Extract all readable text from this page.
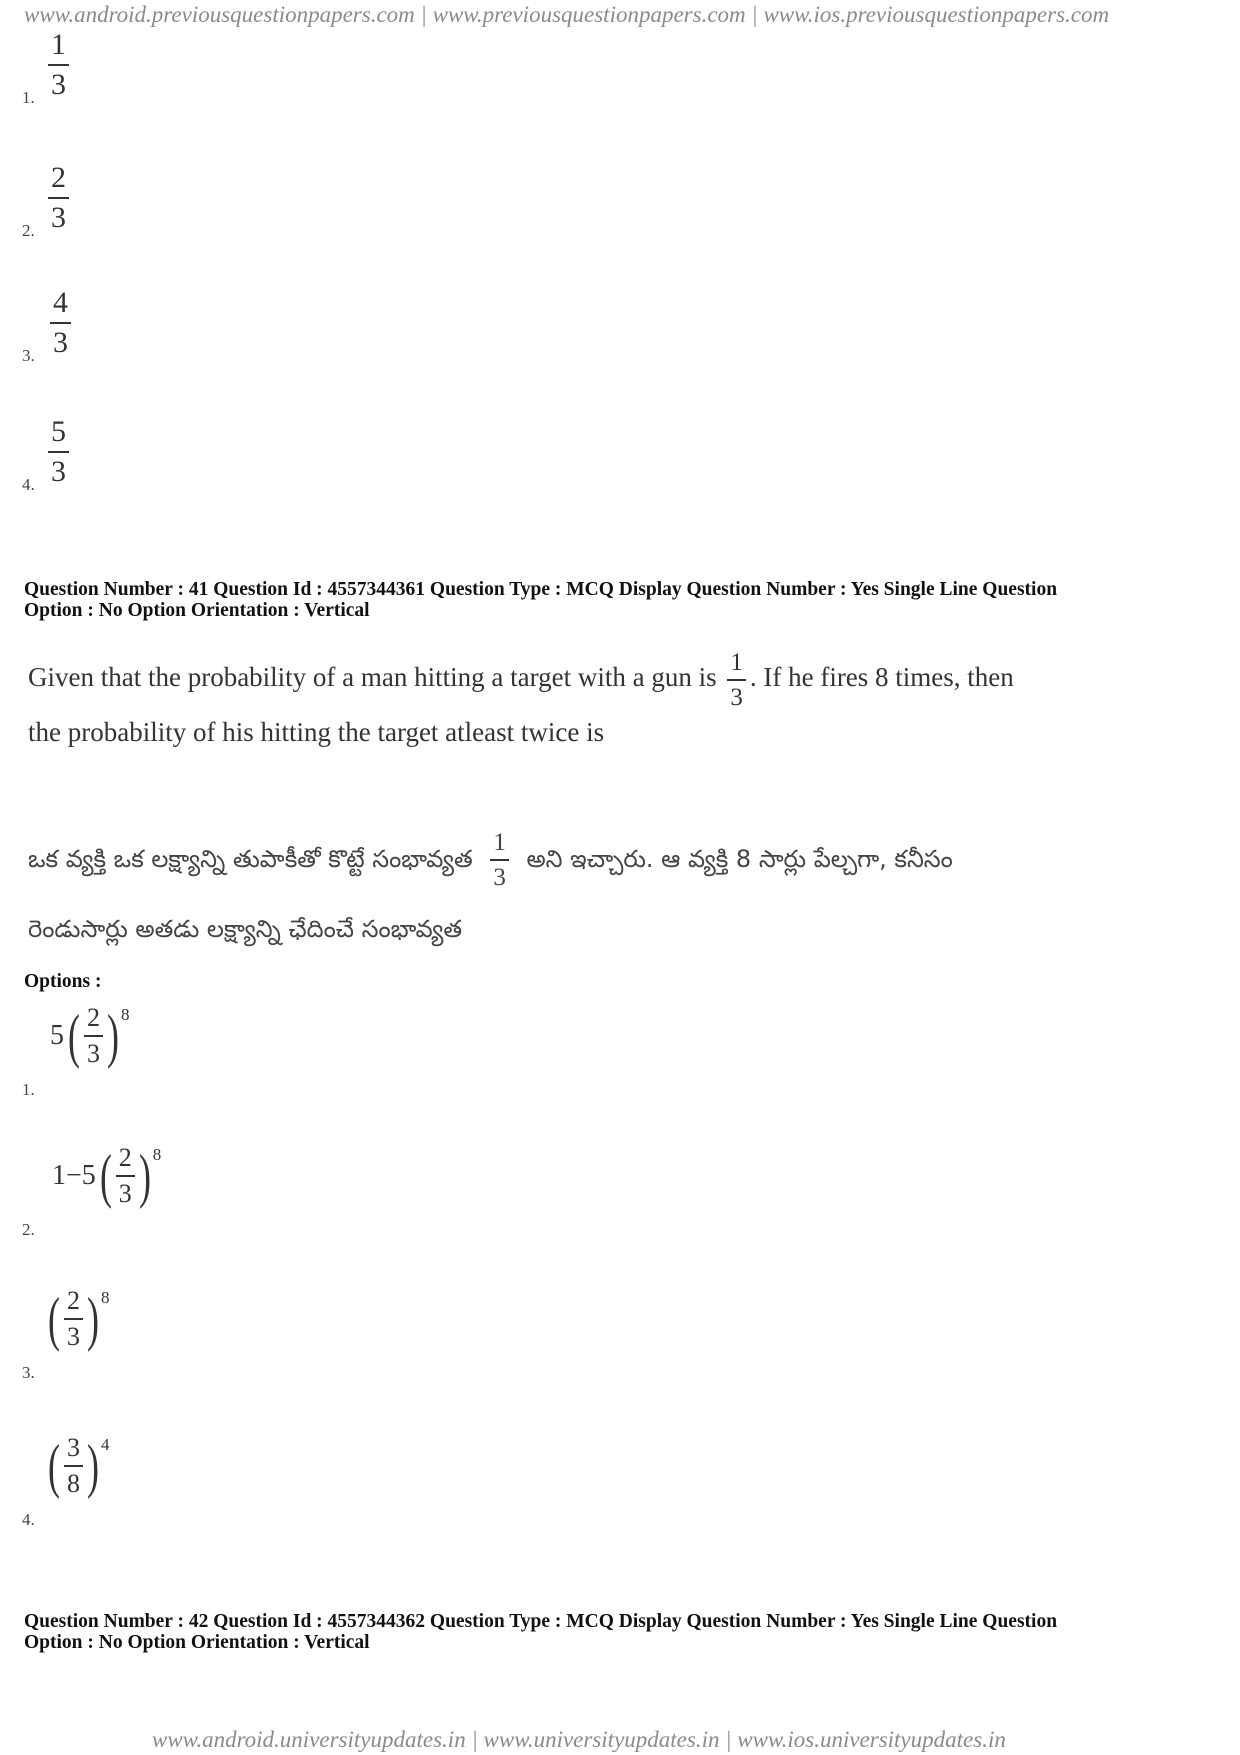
www.android.previousquestionpapers.com | www.previousquestionpapers.com | www.ios.previousquestionpapers.com
1. $\frac{1}{3}$
2. $\frac{2}{3}$
3. $\frac{4}{3}$
4. $\frac{5}{3}$
Question Number : 41 Question Id : 4557344361 Question Type : MCQ Display Question Number : Yes Single Line Question
Option : No Option Orientation : Vertical
Given that the probability of a man hitting a target with a gun is $\frac{1}{3}$ . If he fires 8 times, then
the probability of his hitting the target atleast twice is
ఒక వ్యక్తి ఒక లక్ష్యాన్ని తుపాకీతో కొట్టే సంభావ్యత $\frac{1}{3}$ అని ఇచ్చారు. ఆ వ్యక్తి 8 సార్లు పేల్చగా, కనీసం
రెండుసార్లు అతడు లక్ష్యాన్ని ఛేదించే సంభావ్యత
Options :
1.
5 ( $\frac{2}{3}$ ) 8
2.
1−5 ( $\frac{2}{3}$ ) 8
3.
( $\frac{2}{3}$ ) 8
4.
( $\frac{3}{8}$ ) 4
Question Number : 42 Question Id : 4557344362 Question Type : MCQ Display Question Number : Yes Single Line Question
Option : No Option Orientation : Vertical
www.android.universityupdates.in | www.universityupdates.in | www.ios.universityupdates.in
